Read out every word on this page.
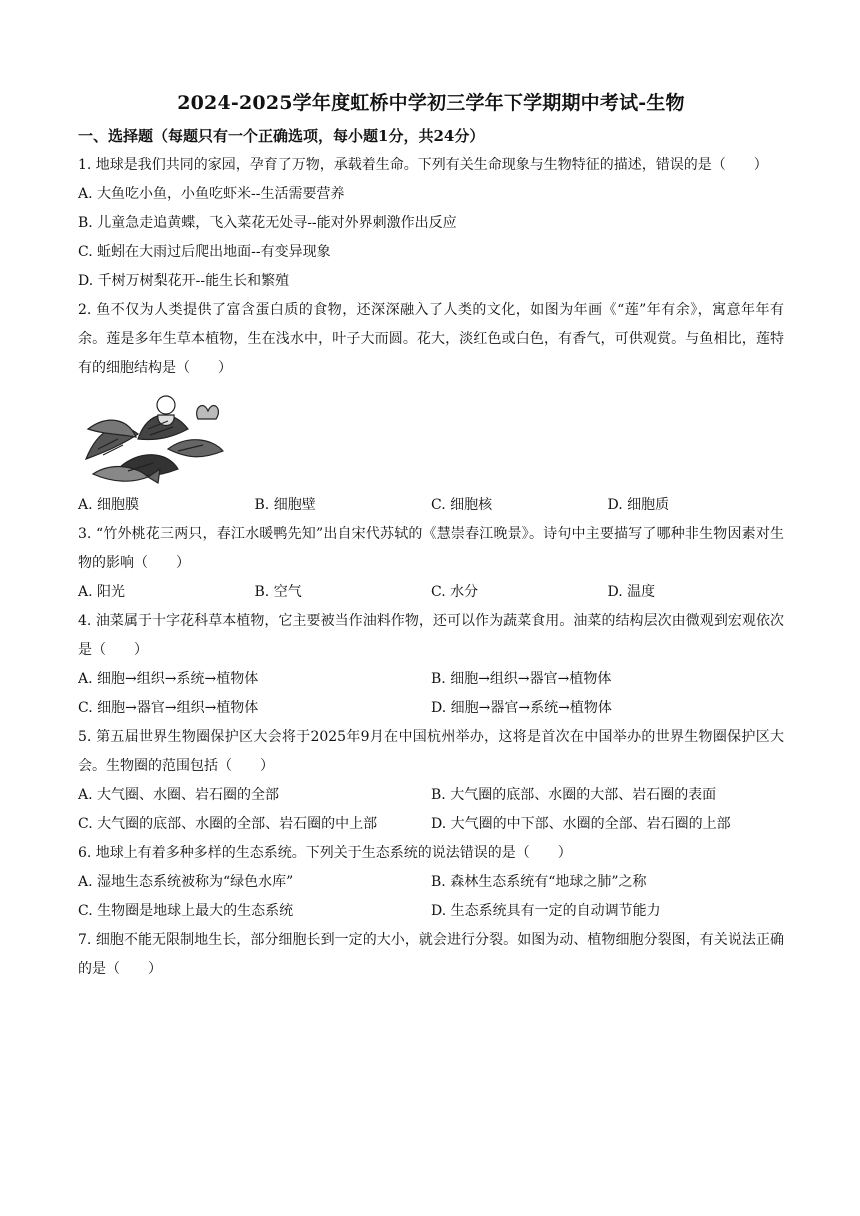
2024-2025学年度虹桥中学初三学年下学期期中考试-生物

一、选择题（每题只有一个正确选项，每小题1分，共24分）

1. 地球是我们共同的家园，孕育了万物，承载着生命。下列有关生命现象与生物特征的描述，错误的是（　　）

A. 大鱼吃小鱼，小鱼吃虾米--生活需要营养

B. 儿童急走追黄蝶，飞入菜花无处寻--能对外界刺激作出反应

C. 蚯蚓在大雨过后爬出地面--有变异现象

D. 千树万树梨花开--能生长和繁殖

2. 鱼不仅为人类提供了富含蛋白质的食物，还深深融入了人类的文化，如图为年画《“莲”年有余》，寓意年年有余。莲是多年生草本植物，生在浅水中，叶子大而圆。花大，淡红色或白色，有香气，可供观赏。与鱼相比，莲特有的细胞结构是（　　）

A. 细胞膜	B. 细胞壁	C. 细胞核	D. 细胞质

3. “竹外桃花三两只，春江水暖鸭先知”出自宋代苏轼的《慧崇春江晚景》。诗句中主要描写了哪种非生物因素对生物的影响（　　）

A. 阳光	B. 空气	C. 水分	D. 温度

4. 油菜属于十字花科草本植物，它主要被当作油料作物，还可以作为蔬菜食用。油菜的结构层次由微观到宏观依次是（　　）

A. 细胞→组织→系统→植物体	B. 细胞→组织→器官→植物体
C. 细胞→器官→组织→植物体	D. 细胞→器官→系统→植物体

5. 第五届世界生物圈保护区大会将于2025年9月在中国杭州举办，这将是首次在中国举办的世界生物圈保护区大会。生物圈的范围包括（　　）

A. 大气圈、水圈、岩石圈的全部	B. 大气圈的底部、水圈的大部、岩石圈的表面
C. 大气圈的底部、水圈的全部、岩石圈的中上部	D. 大气圈的中下部、水圈的全部、岩石圈的上部

6. 地球上有着多种多样的生态系统。下列关于生态系统的说法错误的是（　　）

A. 湿地生态系统被称为“绿色水库”	B. 森林生态系统有“地球之肺”之称
C. 生物圈是地球上最大的生态系统	D. 生态系统具有一定的自动调节能力

7. 细胞不能无限制地生长，部分细胞长到一定的大小，就会进行分裂。如图为动、植物细胞分裂图，有关说法正确的是（　　）
